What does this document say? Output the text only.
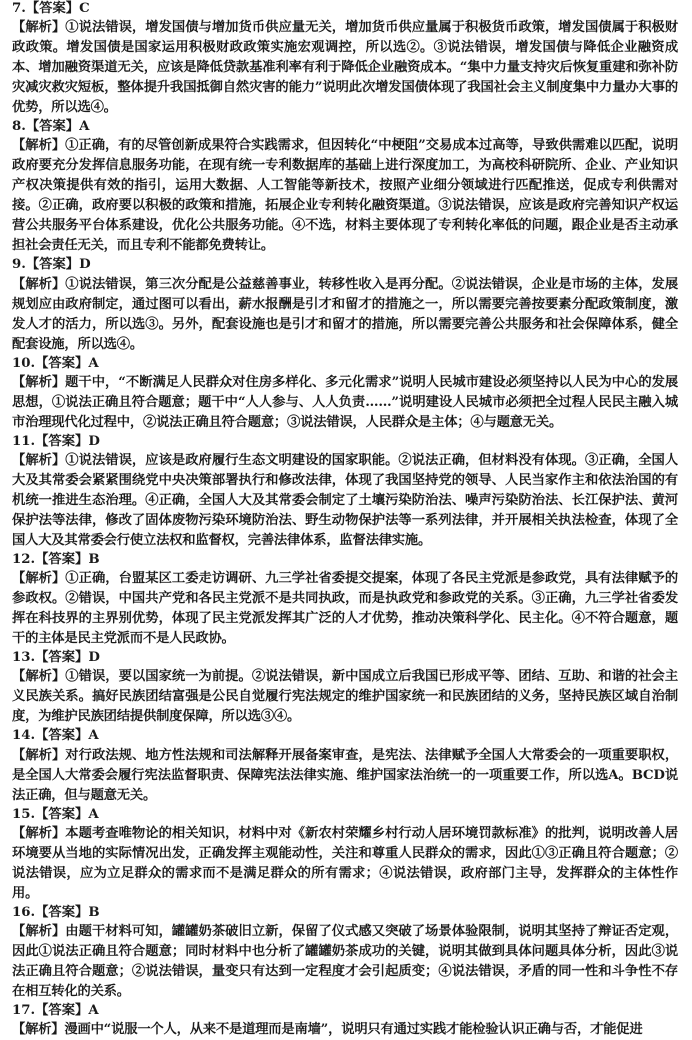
7.【答案】C
【解析】①说法错误，增发国债与增加货币供应量无关，增加货币供应量属于积极货币政策，增发国债属于积极财政政策。增发国债是国家运用积极财政政策实施宏观调控，所以选②。③说法错误，增发国债与降低企业融资成本、增加融资渠道无关，应该是降低贷款基准利率有利于降低企业融资成本。“集中力量支持灾后恢复重建和弥补防灾减灾救灾短板，整体提升我国抵御自然灾害的能力”说明此次增发国债体现了我国社会主义制度集中力量办大事的优势，所以选④。
8.【答案】A
【解析】①正确，有的尽管创新成果符合实践需求，但因转化“中梗阻”交易成本过高等，导致供需难以匹配，说明政府要充分发挥信息服务功能，在现有统一专利数据库的基础上进行深度加工，为高校科研院所、企业、产业知识产权决策提供有效的指引，运用大数据、人工智能等新技术，按照产业细分领域进行匹配推送，促成专利供需对接。②正确，政府要以积极的政策和措施，拓展企业专利转化融资渠道。③说法错误，应该是政府完善知识产权运营公共服务平台体系建设，优化公共服务功能。④不选，材料主要体现了专利转化率低的问题，跟企业是否主动承担社会责任无关，而且专利不能都免费转让。
9.【答案】D
【解析】①说法错误，第三次分配是公益慈善事业，转移性收入是再分配。②说法错误，企业是市场的主体，发展规划应由政府制定，通过图可以看出，薪水报酬是引才和留才的措施之一，所以需要完善按要素分配政策制度，激发人才的活力，所以选③。另外，配套设施也是引才和留才的措施，所以需要完善公共服务和社会保障体系，健全配套设施，所以选④。
10.【答案】A
【解析】题干中，“不断满足人民群众对住房多样化、多元化需求”说明人民城市建设必须坚持以人民为中心的发展思想，①说法正确且符合题意；题干中“人人参与、人人负责……”说明建设人民城市必须把全过程人民民主融入城市治理现代化过程中，②说法正确且符合题意；③说法错误，人民群众是主体；④与题意无关。
11.【答案】D
【解析】①说法错误，应该是政府履行生态文明建设的国家职能。②说法正确，但材料没有体现。③正确，全国人大及其常委会紧紧围绕党中央决策部署执行和修改法律，体现了我国坚持党的领导、人民当家作主和依法治国的有机统一推进生态治理。④正确，全国人大及其常委会制定了土壤污染防治法、噪声污染防治法、长江保护法、黄河保护法等法律，修改了固体废物污染环境防治法、野生动物保护法等一系列法律，并开展相关执法检查，体现了全国人大及其常委会行使立法权和监督权，完善法律体系，监督法律实施。
12.【答案】B
【解析】①正确，台盟某区工委走访调研、九三学社省委提交提案，体现了各民主党派是参政党，具有法律赋予的参政权。②错误，中国共产党和各民主党派不是共同执政，而是执政党和参政党的关系。③正确，九三学社省委发挥在科技界的主界别优势，体现了民主党派发挥其广泛的人才优势，推动决策科学化、民主化。④不符合题意，题干的主体是民主党派而不是人民政协。
13.【答案】D
【解析】①错误，要以国家统一为前提。②说法错误，新中国成立后我国已形成平等、团结、互助、和谐的社会主义民族关系。搞好民族团结富强是公民自觉履行宪法规定的维护国家统一和民族团结的义务，坚持民族区域自治制度，为维护民族团结提供制度保障，所以选③④。
14.【答案】A
【解析】对行政法规、地方性法规和司法解释开展备案审查，是宪法、法律赋予全国人大常委会的一项重要职权，是全国人大常委会履行宪法监督职责、保障宪法法律实施、维护国家法治统一的一项重要工作，所以选A。BCD说法正确，但与题意无关。
15.【答案】A
【解析】本题考查唯物论的相关知识，材料中对《新农村荣耀乡村行动人居环境罚款标准》的批判，说明改善人居环境要从当地的实际情况出发，正确发挥主观能动性，关注和尊重人民群众的需求，因此①③正确且符合题意；②说法错误，应为立足群众的需求而不是满足群众的所有需求；④说法错误，政府部门主导，发挥群众的主体性作用。
16.【答案】B
【解析】由题干材料可知，罐罐奶茶破旧立新，保留了仪式感又突破了场景体验限制，说明其坚持了辩证否定观，因此①说法正确且符合题意；同时材料中也分析了罐罐奶茶成功的关键，说明其做到具体问题具体分析，因此③说法正确且符合题意；②说法错误，量变只有达到一定程度才会引起质变；④说法错误，矛盾的同一性和斗争性不存在相互转化的关系。
17.【答案】A
【解析】漫画中“说服一个人，从来不是道理而是南墙”，说明只有通过实践才能检验认识正确与否，才能促进
